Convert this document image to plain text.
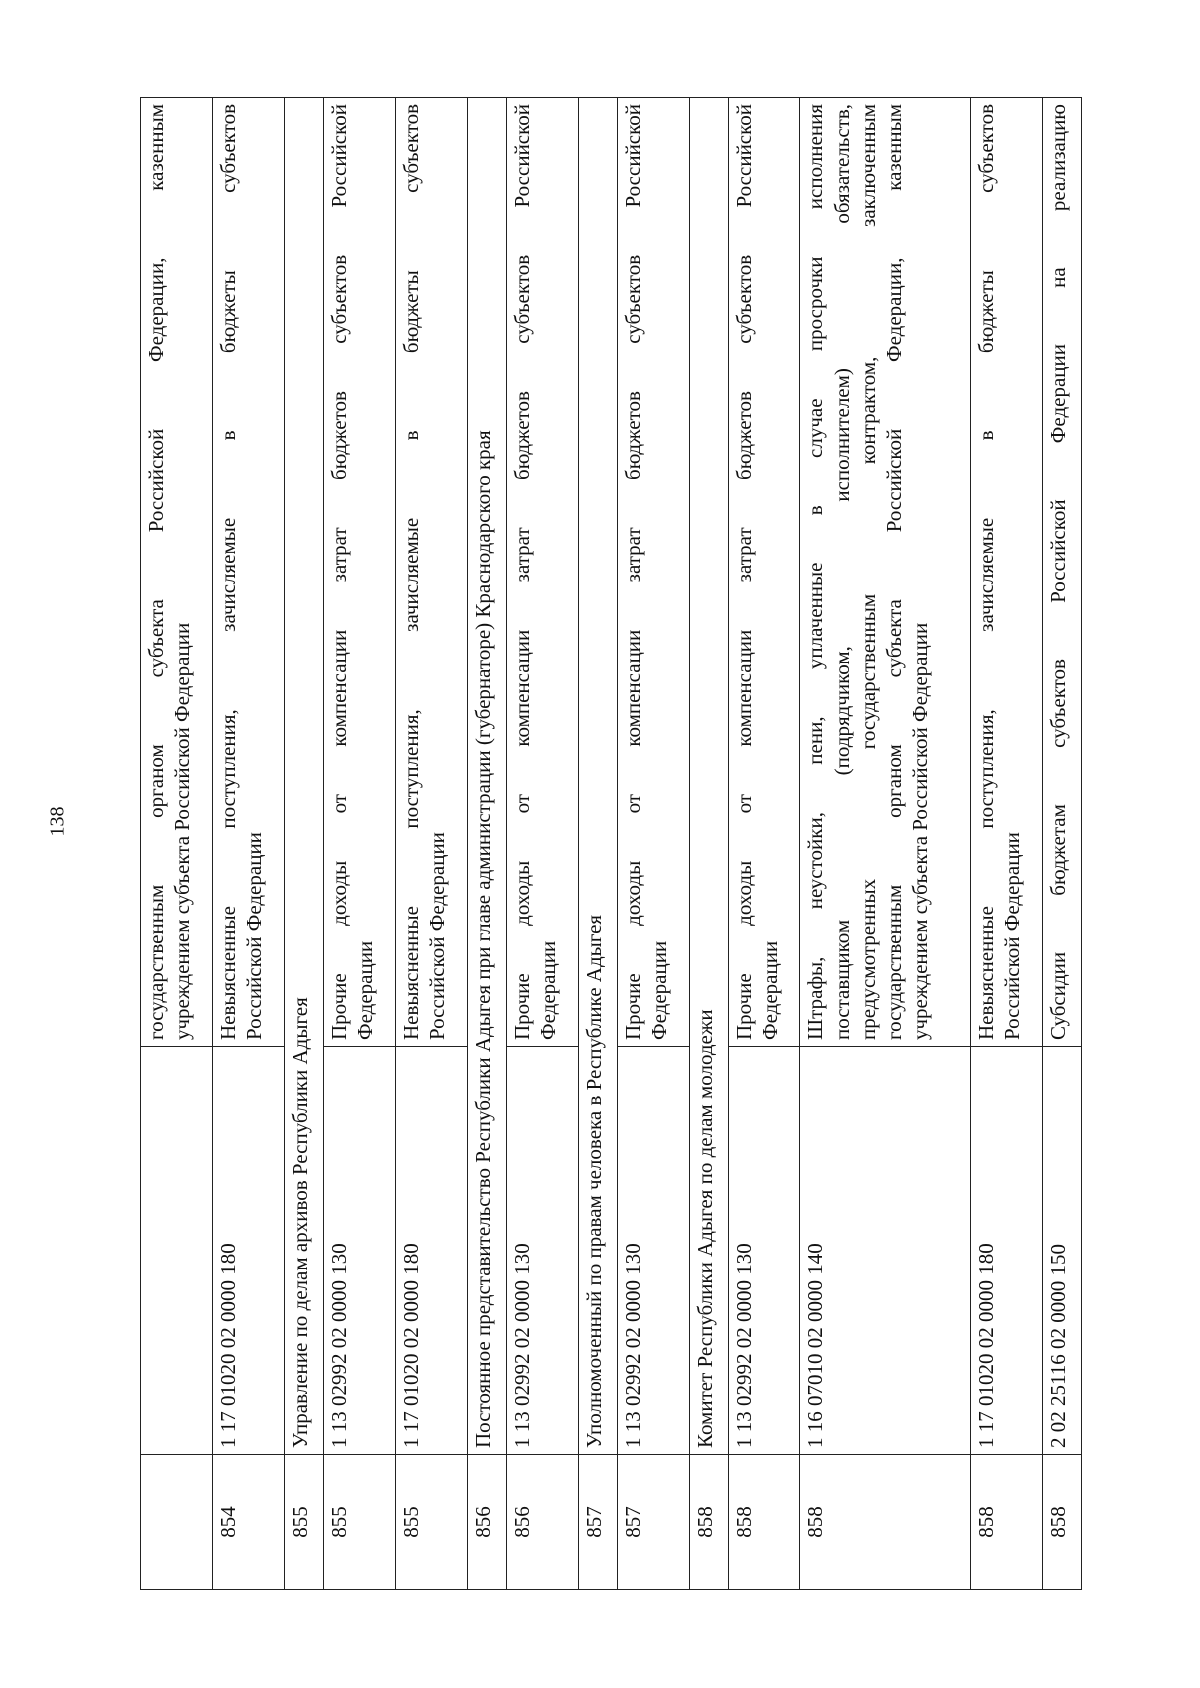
138

		государственным органом субъекта Российской Федерации, казенным учреждением субъекта Российской Федерации

854	1 17 01020 02 0000 180	Невыясненные поступления, зачисляемые в бюджеты субъектов Российской Федерации

855	Управление по делам архивов Республики Адыгея	
855	1 13 02992 02 0000 130	Прочие доходы от компенсации затрат бюджетов субъектов Российской Федерации

855	1 17 01020 02 0000 180	Невыясненные поступления, зачисляемые в бюджеты субъектов Российской Федерации

856	Постоянное представительство Республики Адыгея при главе администрации (губернаторе) Краснодарского края	
856	1 13 02992 02 0000 130	Прочие доходы от компенсации затрат бюджетов субъектов Российской Федерации

857	Уполномоченный по правам человека в Республике Адыгея	
857	1 13 02992 02 0000 130	Прочие доходы от компенсации затрат бюджетов субъектов Российской Федерации

858	Комитет Республики Адыгея по делам молодежи	
858	1 13 02992 02 0000 130	Прочие доходы от компенсации затрат бюджетов субъектов Российской Федерации

858	1 16 07010 02 0000 140	Штрафы, неустойки, пени, уплаченные в случае просрочки исполнения поставщиком (подрядчиком, исполнителем) обязательств, предусмотренных государственным контрактом, заключенным государственным органом субъекта Российской Федерации, казенным учреждением субъекта Российской Федерации

858	1 17 01020 02 0000 180	Невыясненные поступления, зачисляемые в бюджеты субъектов Российской Федерации

858	2 02 25116 02 0000 150	Субсидии бюджетам субъектов Российской Федерации на реализацию
